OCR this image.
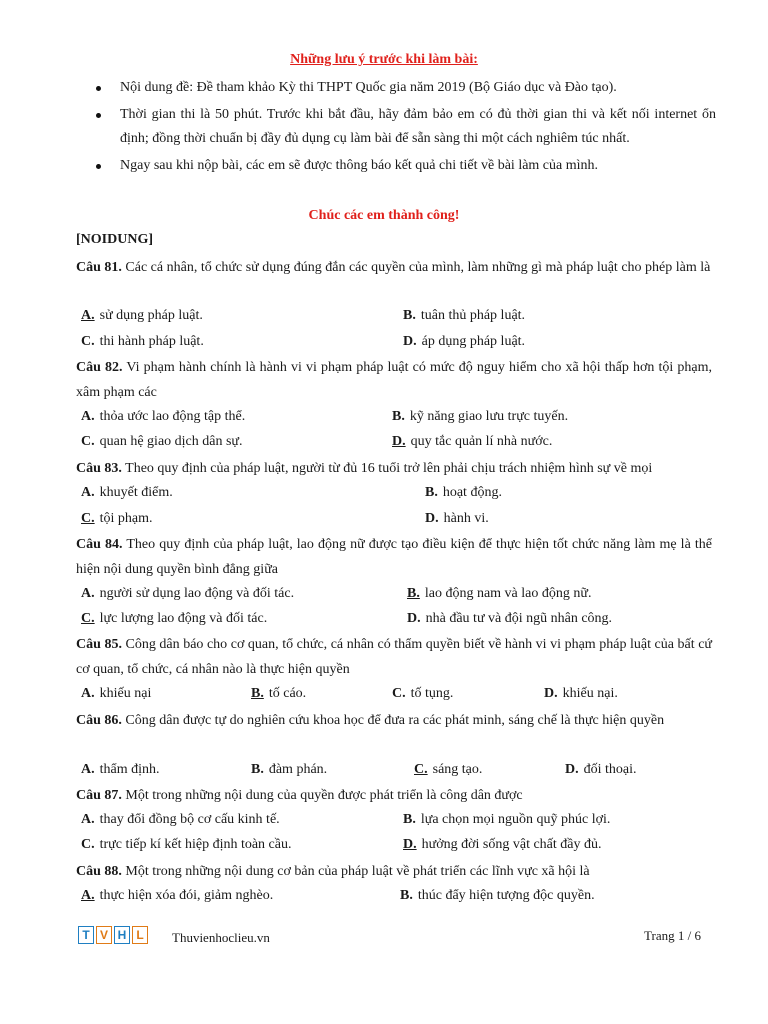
Những lưu ý trước khi làm bài:
Nội dung đề: Đề tham khảo Kỳ thi THPT Quốc gia năm 2019 (Bộ Giáo dục và Đào tạo).
Thời gian thi là 50 phút. Trước khi bắt đầu, hãy đảm bảo em có đủ thời gian thi và kết nối internet ổn định; đồng thời chuẩn bị đầy đủ dụng cụ làm bài để sẵn sàng thi một cách nghiêm túc nhất.
Ngay sau khi nộp bài, các em sẽ được thông báo kết quả chi tiết về bài làm của mình.
Chúc các em thành công!
[NOIDUNG]
Câu 81. Các cá nhân, tổ chức sử dụng đúng đắn các quyền của mình, làm những gì mà pháp luật cho phép làm là
A. sử dụng pháp luật.	B. tuân thủ pháp luật.
C. thi hành pháp luật.	D. áp dụng pháp luật.
Câu 82. Vi phạm hành chính là hành vi vi phạm pháp luật có mức độ nguy hiểm cho xã hội thấp hơn tội phạm, xâm phạm các
A. thỏa ước lao động tập thể.	B. kỹ năng giao lưu trực tuyến.
C. quan hệ giao dịch dân sự.	D. quy tắc quản lí nhà nước.
Câu 83. Theo quy định của pháp luật, người từ đủ 16 tuổi trở lên phải chịu trách nhiệm hình sự về mọi
A. khuyết điểm.	B. hoạt động.
C. tội phạm.	D. hành vi.
Câu 84. Theo quy định của pháp luật, lao động nữ được tạo điều kiện để thực hiện tốt chức năng làm mẹ là thể hiện nội dung quyền bình đẳng giữa
A. người sử dụng lao động và đối tác.	B. lao động nam và lao động nữ.
C. lực lượng lao động và đối tác.	D. nhà đầu tư và đội ngũ nhân công.
Câu 85. Công dân báo cho cơ quan, tổ chức, cá nhân có thẩm quyền biết về hành vi vi phạm pháp luật của bất cứ cơ quan, tổ chức, cá nhân nào là thực hiện quyền
A. khiếu nại	B. tố cáo.	C. tố tụng.	D. khiếu nại.
Câu 86. Công dân được tự do nghiên cứu khoa học để đưa ra các phát minh, sáng chế là thực hiện quyền
A. thẩm định.	B. đàm phán.	C. sáng tạo.	D. đối thoại.
Câu 87. Một trong những nội dung của quyền được phát triển là công dân được
A. thay đổi đồng bộ cơ cấu kinh tế.	B. lựa chọn mọi nguồn quỹ phúc lợi.
C. trực tiếp kí kết hiệp định toàn cầu.	D. hưởng đời sống vật chất đầy đủ.
Câu 88. Một trong những nội dung cơ bản của pháp luật về phát triển các lĩnh vực xã hội là
A. thực hiện xóa đói, giảm nghèo.	B. thúc đẩy hiện tượng độc quyền.
T V H L	Thuvienhoclieu.vn	Trang 1 / 6
